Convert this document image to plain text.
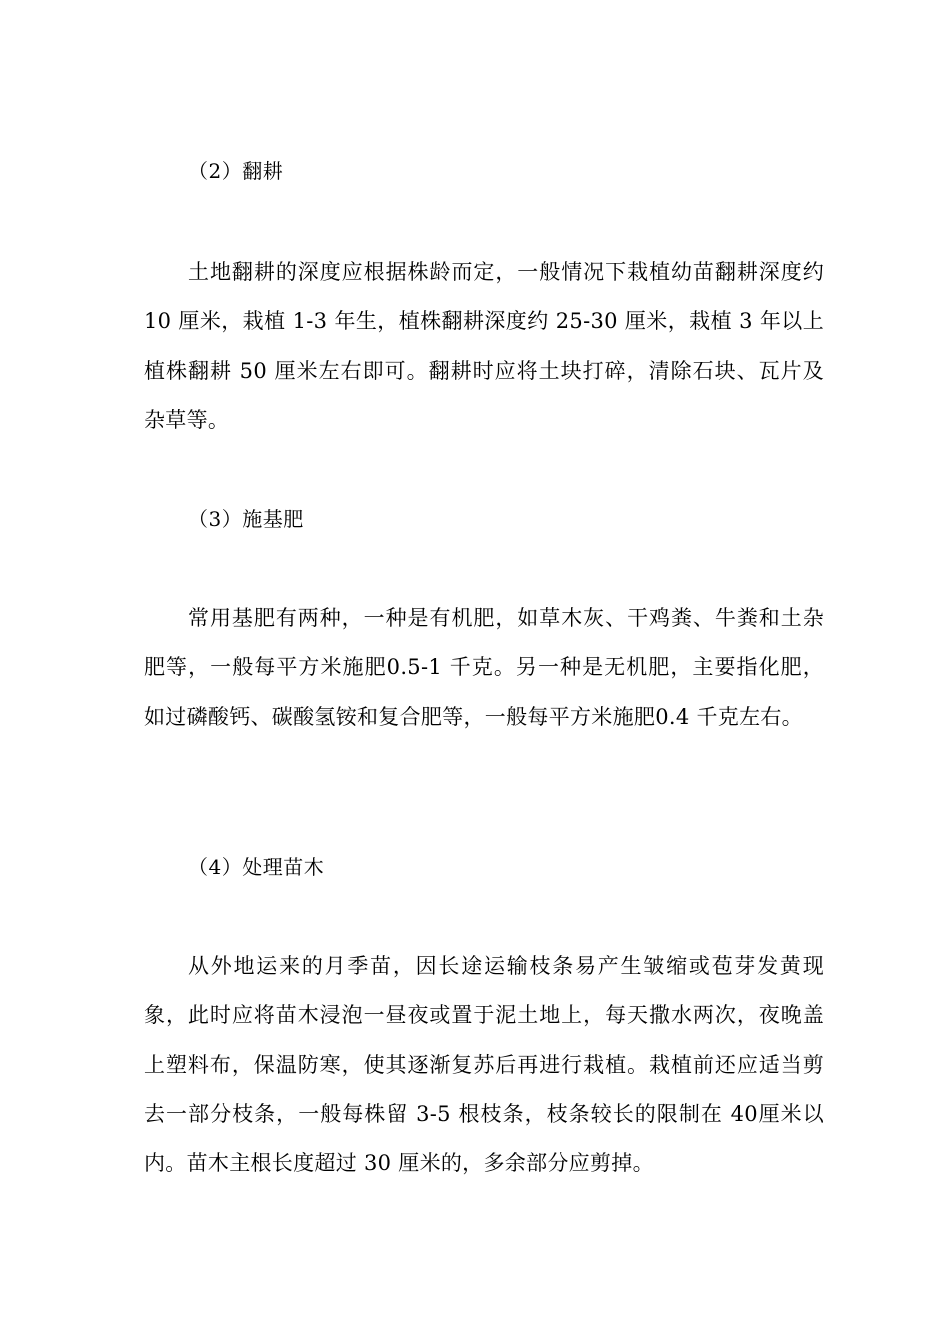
（2）翻耕

土地翻耕的深度应根据株龄而定，一般情况下栽植幼苗翻耕深度约 10 厘米，栽植 1-3 年生，植株翻耕深度约 25-30 厘米，栽植 3 年以上植株翻耕 50 厘米左右即可。翻耕时应将土块打碎，清除石块、瓦片及杂草等。

（3）施基肥

常用基肥有两种，一种是有机肥，如草木灰、干鸡粪、牛粪和土杂肥等，一般每平方米施肥0.5-1 千克。另一种是无机肥，主要指化肥，如过磷酸钙、碳酸氢铵和复合肥等，一般每平方米施肥0.4 千克左右。

（4）处理苗木

从外地运来的月季苗，因长途运输枝条易产生皱缩或苞芽发黄现象，此时应将苗木浸泡一昼夜或置于泥土地上，每天撒水两次，夜晚盖上塑料布，保温防寒，使其逐渐复苏后再进行栽植。栽植前还应适当剪去一部分枝条，一般每株留 3-5 根枝条，枝条较长的限制在 40厘米以内。苗木主根长度超过 30 厘米的，多余部分应剪掉。
